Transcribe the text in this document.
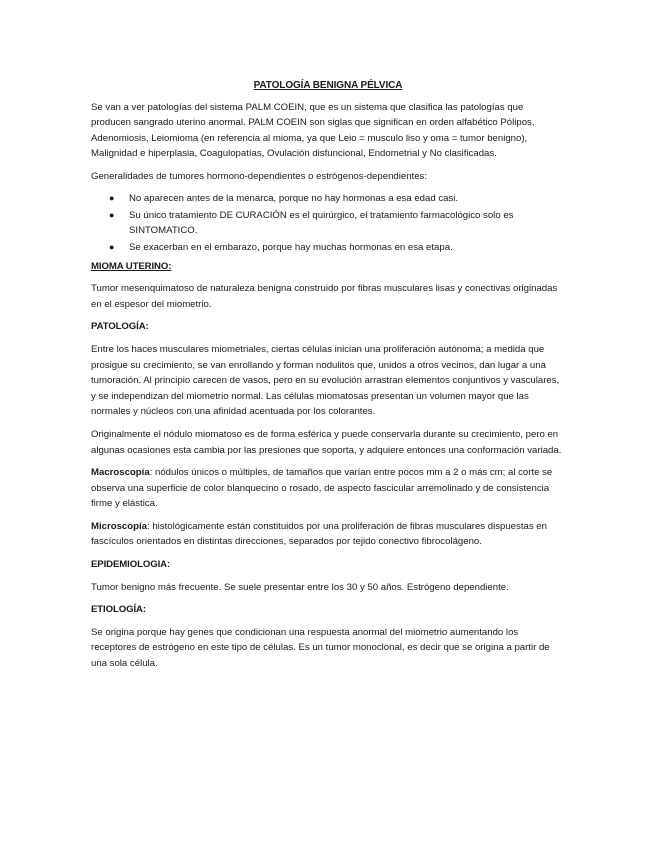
PATOLOGÍA BENIGNA PÉLVICA

Se van a ver patologías del sistema PALM COEIN, que es un sistema que clasifica las patologías que producen sangrado uterino anormal. PALM COEIN son siglas que significan en orden alfabético Pólipos, Adenomiosis, Leiomioma (en referencia al mioma, ya que Leio = musculo liso y oma = tumor benigno), Malignidad e hiperplasia, Coagulopatías, Ovulación disfuncional, Endometrial y No clasificadas.

Generalidades de tumores hormono-dependientes o estrógenos-dependientes:

● No aparecen antes de la menarca, porque no hay hormonas a esa edad casi.
● Su único tratamiento DE CURACIÓN es el quirúrgico, el tratamiento farmacológico solo es SINTOMATICO.
● Se exacerban en el embarazo, porque hay muchas hormonas en esa etapa.
MIOMA UTERINO:

Tumor mesenquimatoso de naturaleza benigna construido por fibras musculares lisas y conectivas originadas en el espesor del miometrio.

PATOLOGÍA:

Entre los haces musculares miometriales, ciertas células inician una proliferación autónoma; a medida que prosigue su crecimiento, se van enrollando y forman nodulitos que, unidos a otros vecinos, dan lugar a una tumoración. Al principio carecen de vasos, pero en su evolución arrastran elementos conjuntivos y vasculares, y se independizan del miometrio normal. Las células miomatosas presentan un volumen mayor que las normales y núcleos con una afinidad acentuada por los colorantes.

Originalmente el nódulo miomatoso es de forma esférica y puede conservarla durante su crecimiento, pero en algunas ocasiones esta cambia por las presiones que soporta, y adquiere entonces una conformación variada.

Macroscopía: nódulos únicos o múltiples, de tamaños que varían entre pocos mm a 2 o más cm; al corte se observa una superficie de color blanquecino o rosado, de aspecto fascicular arremolinado y de consistencia firme y elástica.

Microscopía: histológicamente están constituidos por una proliferación de fibras musculares dispuestas en fascículos orientados en distintas direcciones, separados por tejido conectivo fibrocolágeno.

EPIDEMIOLOGIA:

Tumor benigno más frecuente. Se suele presentar entre los 30 y 50 años. Estrógeno dependiente.

ETIOLOGÍA:

Se origina porque hay genes que condicionan una respuesta anormal del miometrio aumentando los receptores de estrógeno en este tipo de células. Es un tumor monoclonal, es decir que se origina a partir de una sola célula.
